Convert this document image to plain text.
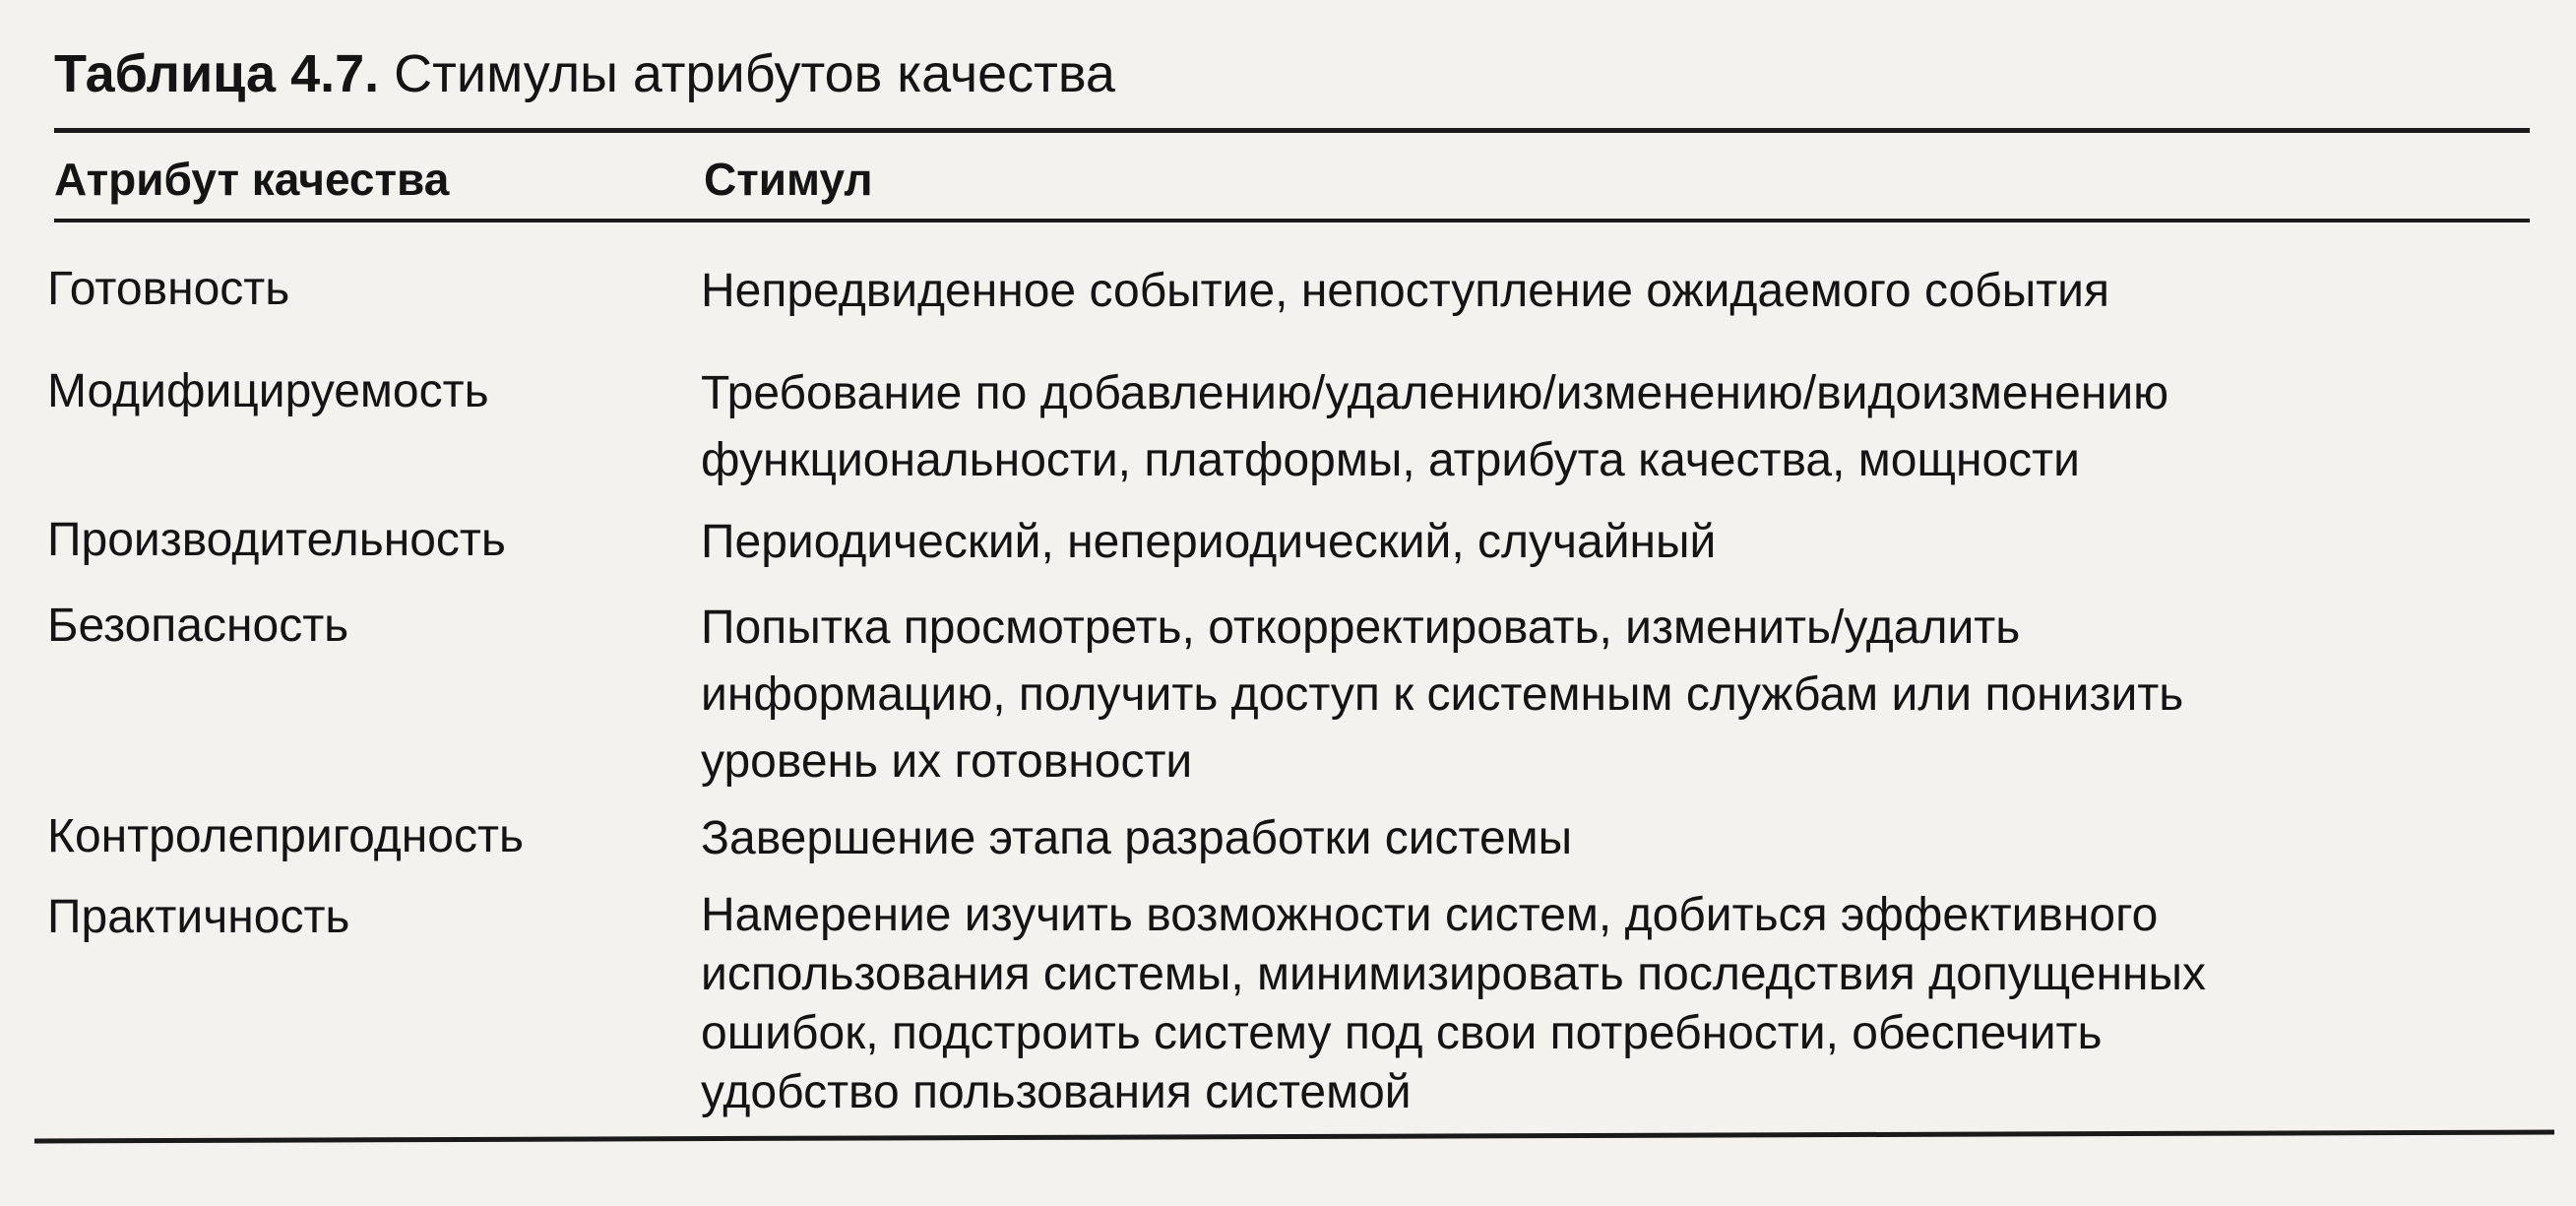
Таблица 4.7. Стимулы атрибутов качества
Атрибут качества	Стимул
Готовность	Непредвиденное событие, непоступление ожидаемого события
Модифицируемость	Требование по добавлению/удалению/изменению/видоизменению
функциональности, платформы, атрибута качества, мощности
Производительность	Периодический, непериодический, случайный
Безопасность	Попытка просмотреть, откорректировать, изменить/удалить
информацию, получить доступ к системным службам или понизить
уровень их готовности
Контролепригодность	Завершение этапа разработки системы
Практичность	Намерение изучить возможности систем, добиться эффективного
использования системы, минимизировать последствия допущенных
ошибок, подстроить систему под свои потребности, обеспечить
удобство пользования системой
